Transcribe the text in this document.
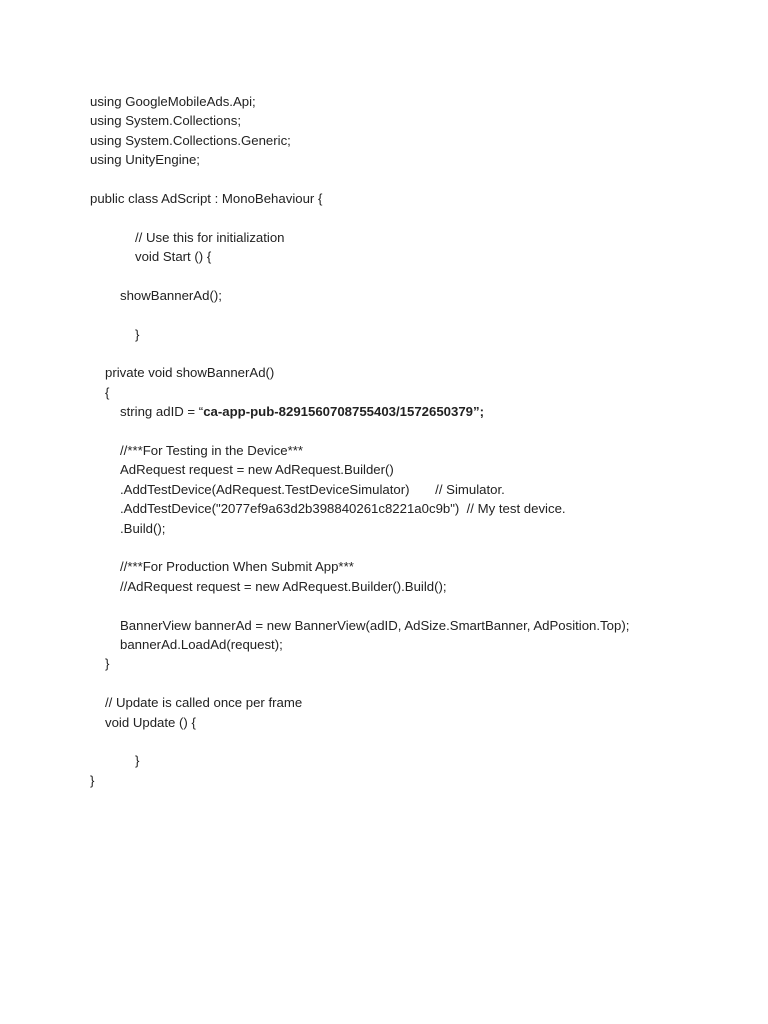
using GoogleMobileAds.Api;
using System.Collections;
using System.Collections.Generic;
using UnityEngine;
public class AdScript : MonoBehaviour {
// Use this for initialization
void Start () {
showBannerAd();
}
private void showBannerAd()
{
string adID = “ca-app-pub-8291560708755403/1572650379”;
//***For Testing in the Device***
AdRequest request = new AdRequest.Builder()
.AddTestDevice(AdRequest.TestDeviceSimulator)       // Simulator.
.AddTestDevice("2077ef9a63d2b398840261c8221a0c9b")  // My test device.
.Build();
//***For Production When Submit App***
//AdRequest request = new AdRequest.Builder().Build();
BannerView bannerAd = new BannerView(adID, AdSize.SmartBanner, AdPosition.Top);
bannerAd.LoadAd(request);
}
// Update is called once per frame
void Update () {
}
}
